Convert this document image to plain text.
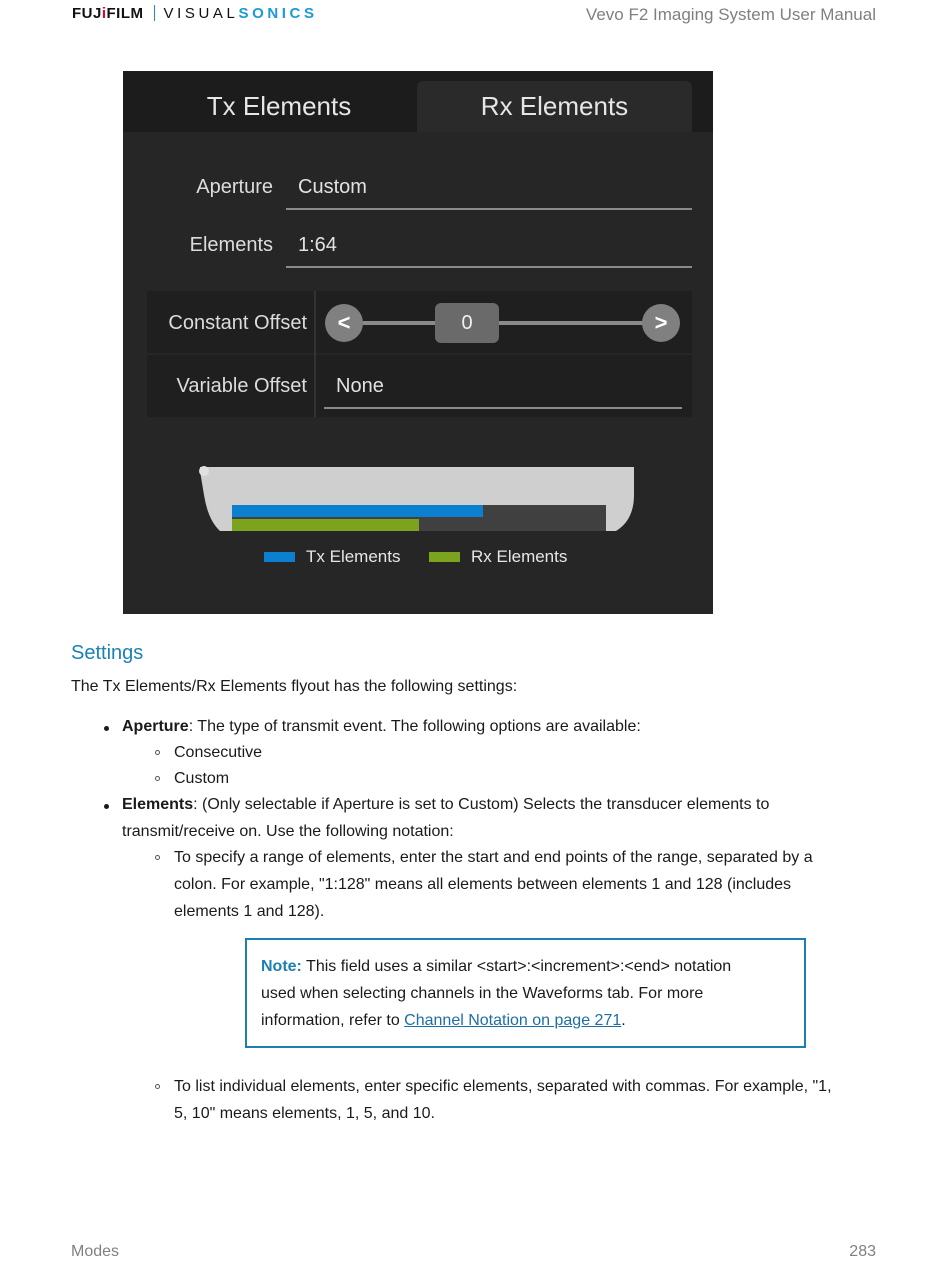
FUJiFILM VISUAL SONICS	Vevo F2 Imaging System User Manual
Tx Elements	Rx Elements
Aperture Custom
Elements 1:64
Constant Offset	<	0	>
Variable Offset None
Tx Elements	Rx Elements
Settings
The Tx Elements/Rx Elements flyout has the following settings:
Aperture: The type of transmit event. The following options are available:
Consecutive
Custom
Elements: (Only selectable if Aperture is set to Custom) Selects the transducer elements to
transmit/receive on. Use the following notation:
To specify a range of elements, enter the start and end points of the range, separated by a
colon. For example, "1:128" means all elements between elements 1 and 128 (includes
elements 1 and 128).
Note: This field uses a similar <start>:<increment>:<end> notation
used when selecting channels in the Waveforms tab. For more
information, refer to Channel Notation on page 271.
To list individual elements, enter specific elements, separated with commas. For example, "1,
5, 10" means elements, 1, 5, and 10.
Modes	283
